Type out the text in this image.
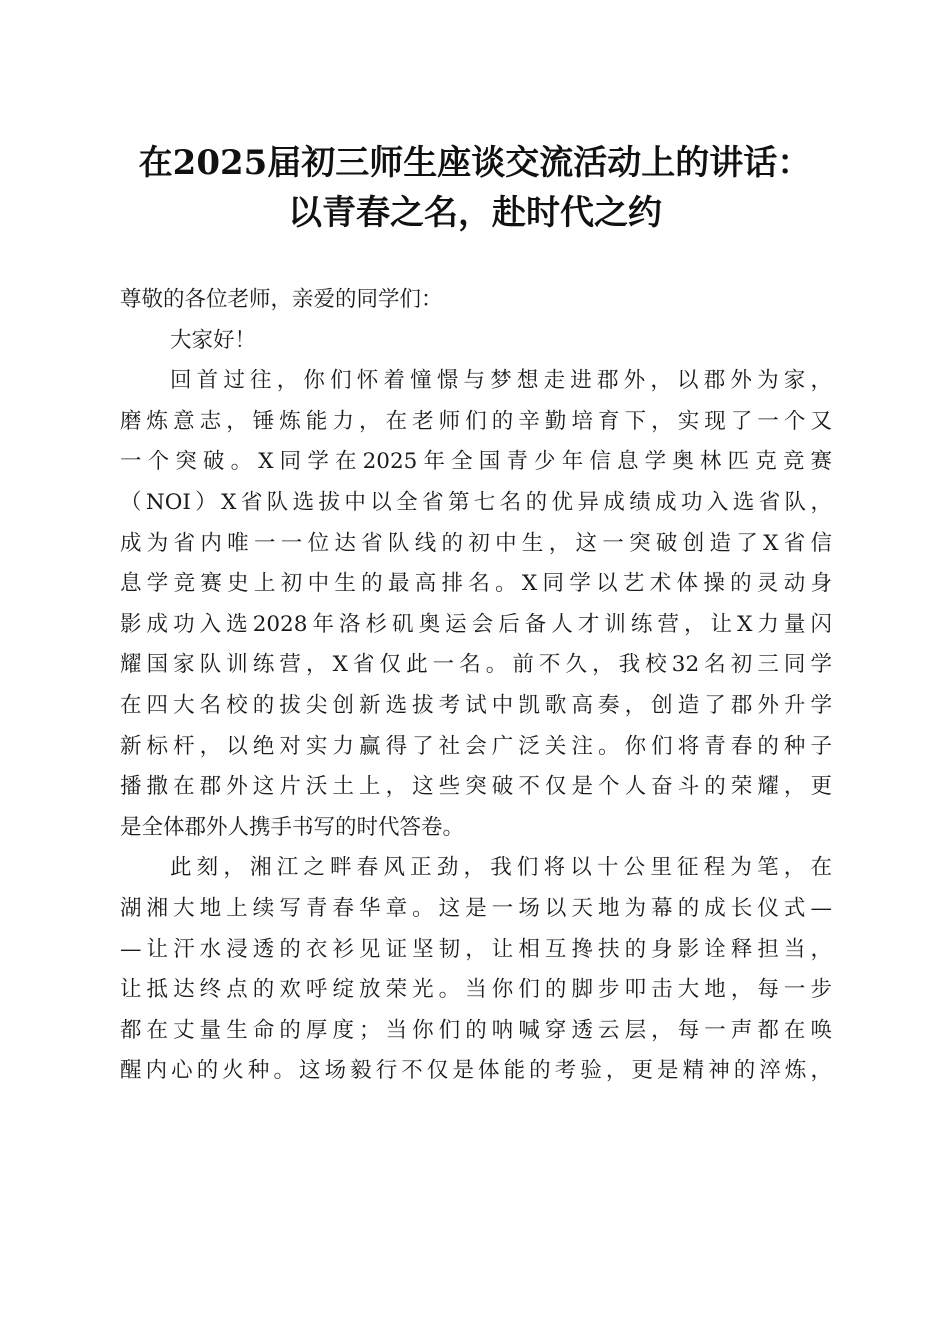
在2025届初三师生座谈交流活动上的讲话：
以青春之名，赴时代之约
尊敬的各位老师，亲爱的同学们：
大家好！
回首过往，你们怀着憧憬与梦想走进郡外，以郡外为家，
磨炼意志，锤炼能力，在老师们的辛勤培育下，实现了一个又
一个突破。X同学在2025年全国青少年信息学奥林匹克竞赛
（NOI）X省队选拔中以全省第七名的优异成绩成功入选省队，
成为省内唯一一位达省队线的初中生，这一突破创造了X省信
息学竞赛史上初中生的最高排名。X同学以艺术体操的灵动身
影成功入选2028年洛杉矶奥运会后备人才训练营，让X力量闪
耀国家队训练营，X省仅此一名。前不久，我校32名初三同学
在四大名校的拔尖创新选拔考试中凯歌高奏，创造了郡外升学
新标杆，以绝对实力赢得了社会广泛关注。你们将青春的种子
播撒在郡外这片沃土上，这些突破不仅是个人奋斗的荣耀，更
是全体郡外人携手书写的时代答卷。
此刻，湘江之畔春风正劲，我们将以十公里征程为笔，在
湖湘大地上续写青春华章。这是一场以天地为幕的成长仪式—
—让汗水浸透的衣衫见证坚韧，让相互搀扶的身影诠释担当，
让抵达终点的欢呼绽放荣光。当你们的脚步叩击大地，每一步
都在丈量生命的厚度；当你们的呐喊穿透云层，每一声都在唤
醒内心的火种。这场毅行不仅是体能的考验，更是精神的淬炼，
